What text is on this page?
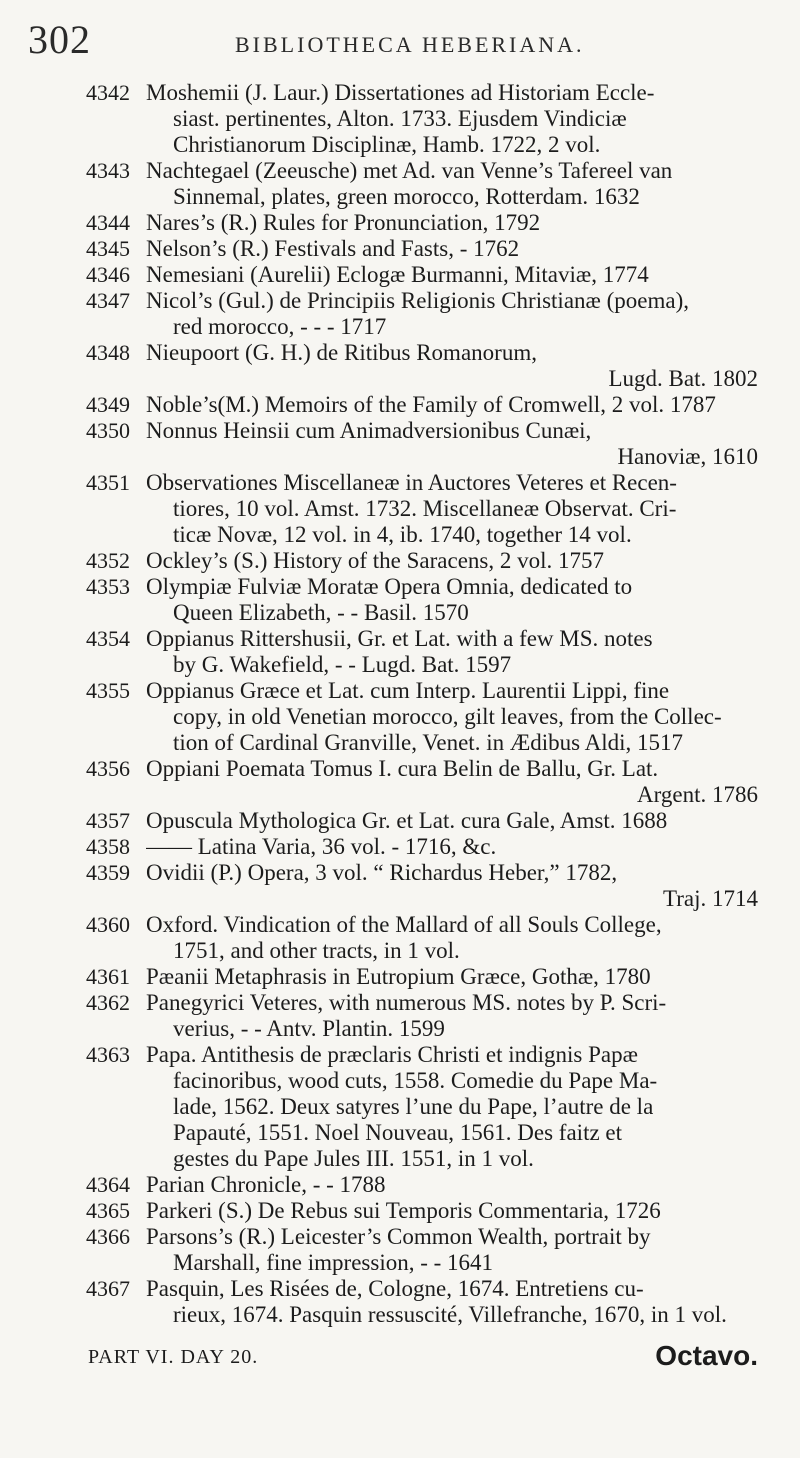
302	BIBLIOTHECA HEBERIANA.
4342 Moshemii (J. Laur.) Dissertationes ad Historiam Eccle-
siast. pertinentes, Alton. 1733. Ejusdem Vindiciæ
Christianorum Disciplinæ, Hamb. 1722, 2 vol.
4343 Nachtegael (Zeeusche) met Ad. van Venne’s Tafereel van
Sinnemal, plates, green morocco, Rotterdam. 1632
4344 Nares’s (R.) Rules for Pronunciation, 1792
4345 Nelson’s (R.) Festivals and Fasts, - 1762
4346 Nemesiani (Aurelii) Eclogæ Burmanni, Mitaviæ, 1774
4347 Nicol’s (Gul.) de Principiis Religionis Christianæ (poema),
red morocco, - - - 1717
4348 Nieupoort (G. H.) de Ritibus Romanorum,
Lugd. Bat. 1802
4349 Noble’s(M.) Memoirs of the Family of Cromwell, 2 vol. 1787
4350 Nonnus Heinsii cum Animadversionibus Cunæi,
Hanoviæ, 1610
4351 Observationes Miscellaneæ in Auctores Veteres et Recen-
tiores, 10 vol. Amst. 1732. Miscellaneæ Observat. Cri-
ticæ Novæ, 12 vol. in 4, ib. 1740, together 14 vol.
4352 Ockley’s (S.) History of the Saracens, 2 vol. 1757
4353 Olympiæ Fulviæ Moratæ Opera Omnia, dedicated to
Queen Elizabeth, - - Basil. 1570
4354 Oppianus Rittershusii, Gr. et Lat. with a few MS. notes
by G. Wakefield, - - Lugd. Bat. 1597
4355 Oppianus Græce et Lat. cum Interp. Laurentii Lippi, fine
copy, in old Venetian morocco, gilt leaves, from the Collec-
tion of Cardinal Granville, Venet. in Ædibus Aldi, 1517
4356 Oppiani Poemata Tomus I. cura Belin de Ballu, Gr. Lat.
Argent. 1786
4357 Opuscula Mythologica Gr. et Lat. cura Gale, Amst. 1688
4358 —— Latina Varia, 36 vol. - 1716, &c.
4359 Ovidii (P.) Opera, 3 vol. “ Richardus Heber,” 1782,
Traj. 1714
4360 Oxford. Vindication of the Mallard of all Souls College,
1751, and other tracts, in 1 vol.
4361 Pæanii Metaphrasis in Eutropium Græce, Gothæ, 1780
4362 Panegyrici Veteres, with numerous MS. notes by P. Scri-
verius, - - Antv. Plantin. 1599
4363 Papa. Antithesis de præclaris Christi et indignis Papæ
facinoribus, wood cuts, 1558. Comedie du Pape Ma-
lade, 1562. Deux satyres l’une du Pape, l’autre de la
Papauté, 1551. Noel Nouveau, 1561. Des faitz et
gestes du Pape Jules III. 1551, in 1 vol.
4364 Parian Chronicle, - - 1788
4365 Parkeri (S.) De Rebus sui Temporis Commentaria, 1726
4366 Parsons’s (R.) Leicester’s Common Wealth, portrait by
Marshall, fine impression, - - 1641
4367 Pasquin, Les Risées de, Cologne, 1674. Entretiens cu-
rieux, 1674. Pasquin ressuscité, Villefranche, 1670, in 1 vol.
PART VI. DAY 20.	Octavo.
